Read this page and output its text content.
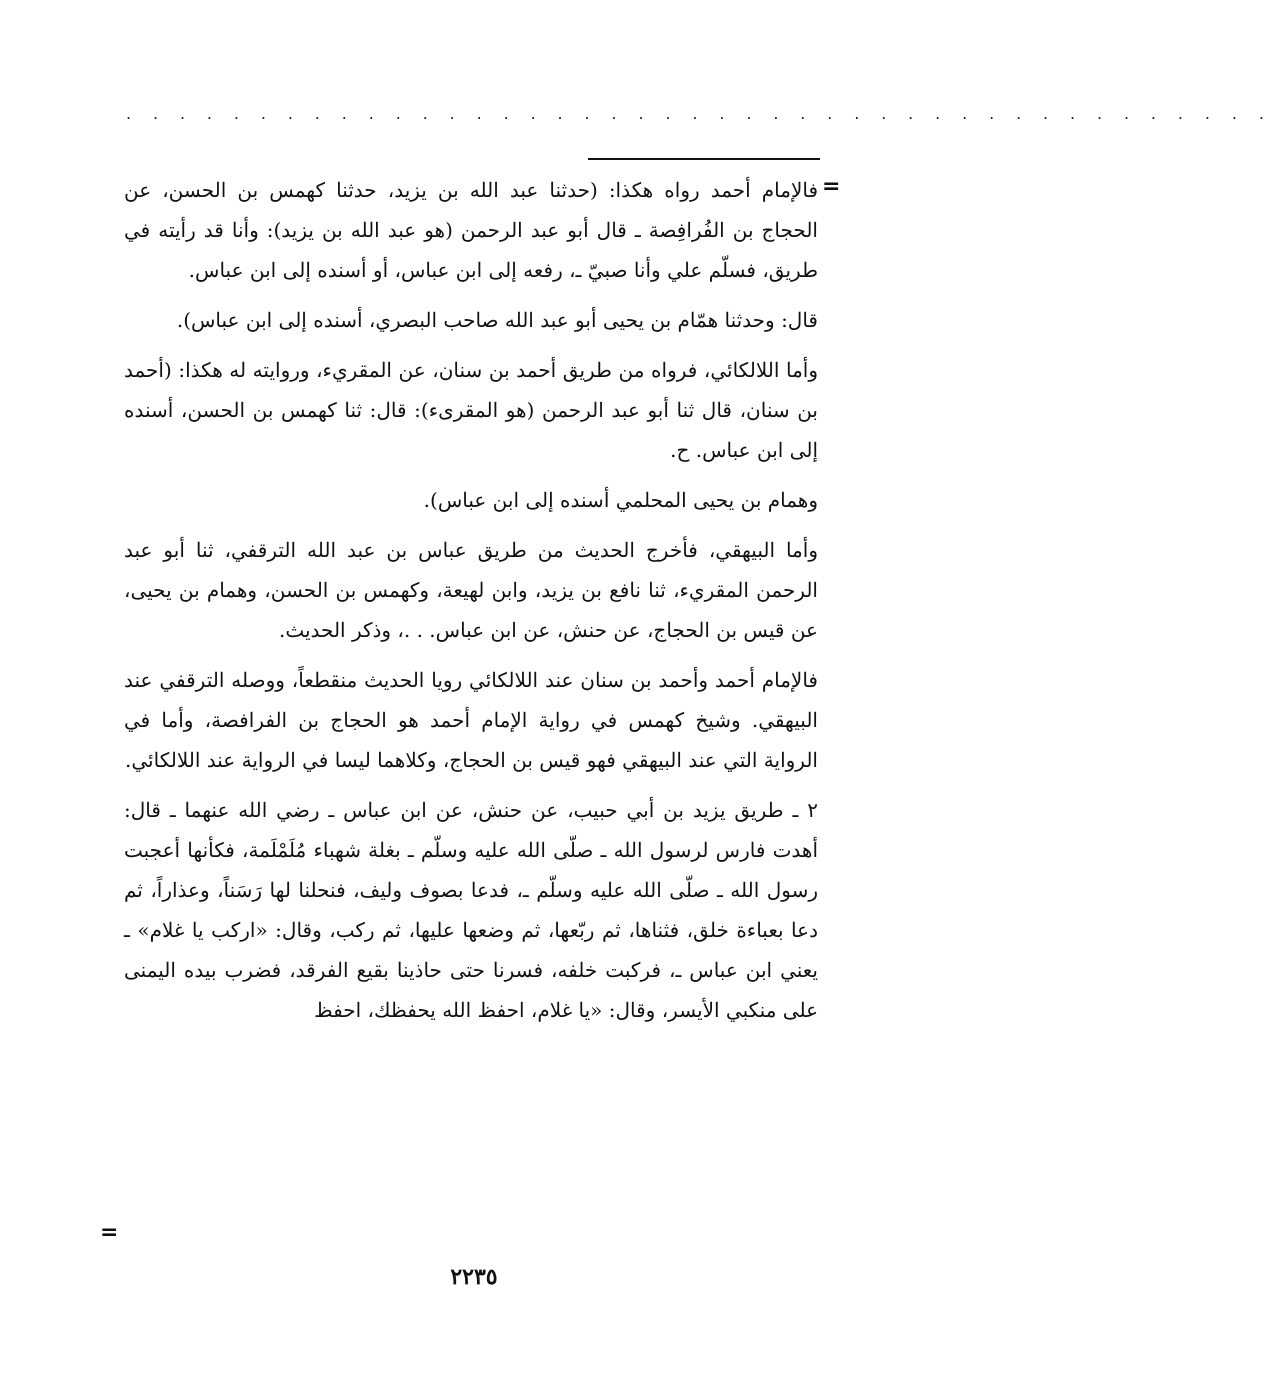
. . . . . . . . . . . . . . . . . . . . . . . . . . . . . . . . . . . . . . . . . . .
=
=

فالإمام أحمد رواه هكذا: (حدثنا عبد الله بن يزيد، حدثنا كهمس بن الحسن، عن الحجاج بن الفُرافِصة ـ قال أبو عبد الرحمن (هو عبد الله بن يزيد): وأنا قد رأيته في طريق، فسلّم علي وأنا صبيّ ـ، رفعه إلى ابن عباس، أو أسنده إلى ابن عباس.

قال: وحدثنا همّام بن يحيى أبو عبد الله صاحب البصري، أسنده إلى ابن عباس).

وأما اللالكائي، فرواه من طريق أحمد بن سنان، عن المقريء، وروايته له هكذا: (أحمد بن سنان، قال ثنا أبو عبد الرحمن (هو المقرىء): قال: ثنا كهمس بن الحسن، أسنده إلى ابن عباس. ح.

وهمام بن يحيى المحلمي أسنده إلى ابن عباس).

وأما البيهقي، فأخرج الحديث من طريق عباس بن عبد الله الترقفي، ثنا أبو عبد الرحمن المقريء، ثنا نافع بن يزيد، وابن لهيعة، وكهمس بن الحسن، وهمام بن يحيى، عن قيس بن الحجاج، عن حنش، عن ابن عباس. . .، وذكر الحديث.

فالإمام أحمد وأحمد بن سنان عند اللالكائي رويا الحديث منقطعاً، ووصله الترقفي عند البيهقي. وشيخ كهمس في رواية الإمام أحمد هو الحجاج بن الفرافصة، وأما في الرواية التي عند البيهقي فهو قيس بن الحجاج، وكلاهما ليسا في الرواية عند اللالكائي.

٢ ـ طريق يزيد بن أبي حبيب، عن حنش، عن ابن عباس ـ رضي الله عنهما ـ قال: أهدت فارس لرسول الله ـ صلّى الله عليه وسلّم ـ بغلة شهباء مُلَمْلَمة، فكأنها أعجبت رسول الله ـ صلّى الله عليه وسلّم ـ، فدعا بصوف وليف، فنحلنا لها رَسَناً، وعذاراً، ثم دعا بعباءة خلق، فثناها، ثم ربّعها، ثم وضعها عليها، ثم ركب، وقال: «اركب يا غلام» ـ يعني ابن عباس ـ، فركبت خلفه، فسرنا حتى حاذينا بقيع الفرقد، فضرب بيده اليمنى على منكبي الأيسر، وقال: «يا غلام، احفظ الله يحفظك، احفظ

٢٢٣٥
